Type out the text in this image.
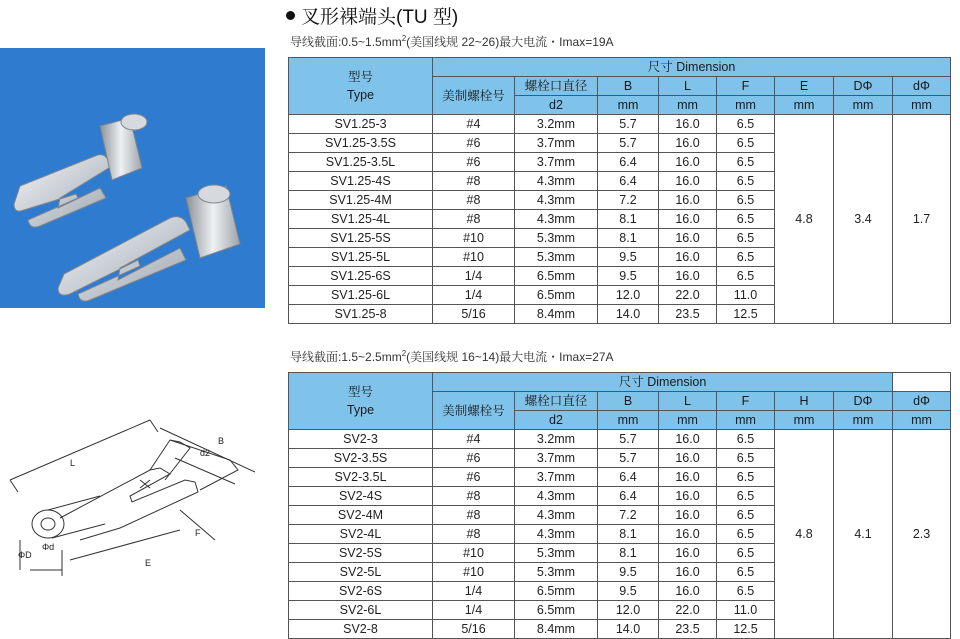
叉形裸端头(TU 型)
导线截面$:0.5\sim 1.5mm^2$(美国线规 22~26)最大电流・Imax=19A
型号
Type	尺寸 Dimension							
	美制螺栓号	螺栓口直径	B	L	F	E	DΦ	dΦ
		d2	mm	mm	mm	mm	mm	mm
SV1.25-3	#4	3.2mm	5.7	16.0	6.5	4.8	3.4	1.7
SV1.25-3.5S	#6	3.7mm	5.7	16.0	6.5			
SV1.25-3.5L	#6	3.7mm	6.4	16.0	6.5			
SV1.25-4S	#8	4.3mm	6.4	16.0	6.5			
SV1.25-4M	#8	4.3mm	7.2	16.0	6.5			
SV1.25-4L	#8	4.3mm	8.1	16.0	6.5			
SV1.25-5S	#10	5.3mm	8.1	16.0	6.5			
SV1.25-5L	#10	5.3mm	9.5	16.0	6.5			
SV1.25-6S	1/4	6.5mm	9.5	16.0	6.5			
SV1.25-6L	1/4	6.5mm	12.0	22.0	11.0			
SV1.25-8	5/16	8.4mm	14.0	23.5	12.5			
导线截面$:1.5\sim 2.5mm^2$(美国线规 16~14)最大电流・Imax=27A
B
d2
L
F
E
ΦD
Φd
型号
Type	尺寸 Dimension							
	美制螺栓号	螺栓口直径	B	L	F	H	DΦ	dΦ
		d2	mm	mm	mm	mm	mm	mm
SV2-3	#4	3.2mm	5.7	16.0	6.5	4.8	4.1	2.3
SV2-3.5S	#6	3.7mm	5.7	16.0	6.5			
SV2-3.5L	#6	3.7mm	6.4	16.0	6.5			
SV2-4S	#8	4.3mm	6.4	16.0	6.5			
SV2-4M	#8	4.3mm	7.2	16.0	6.5			
SV2-4L	#8	4.3mm	8.1	16.0	6.5			
SV2-5S	#10	5.3mm	8.1	16.0	6.5			
SV2-5L	#10	5.3mm	9.5	16.0	6.5			
SV2-6S	1/4	6.5mm	9.5	16.0	6.5			
SV2-6L	1/4	6.5mm	12.0	22.0	11.0			
SV2-8	5/16	8.4mm	14.0	23.5	12.5			
